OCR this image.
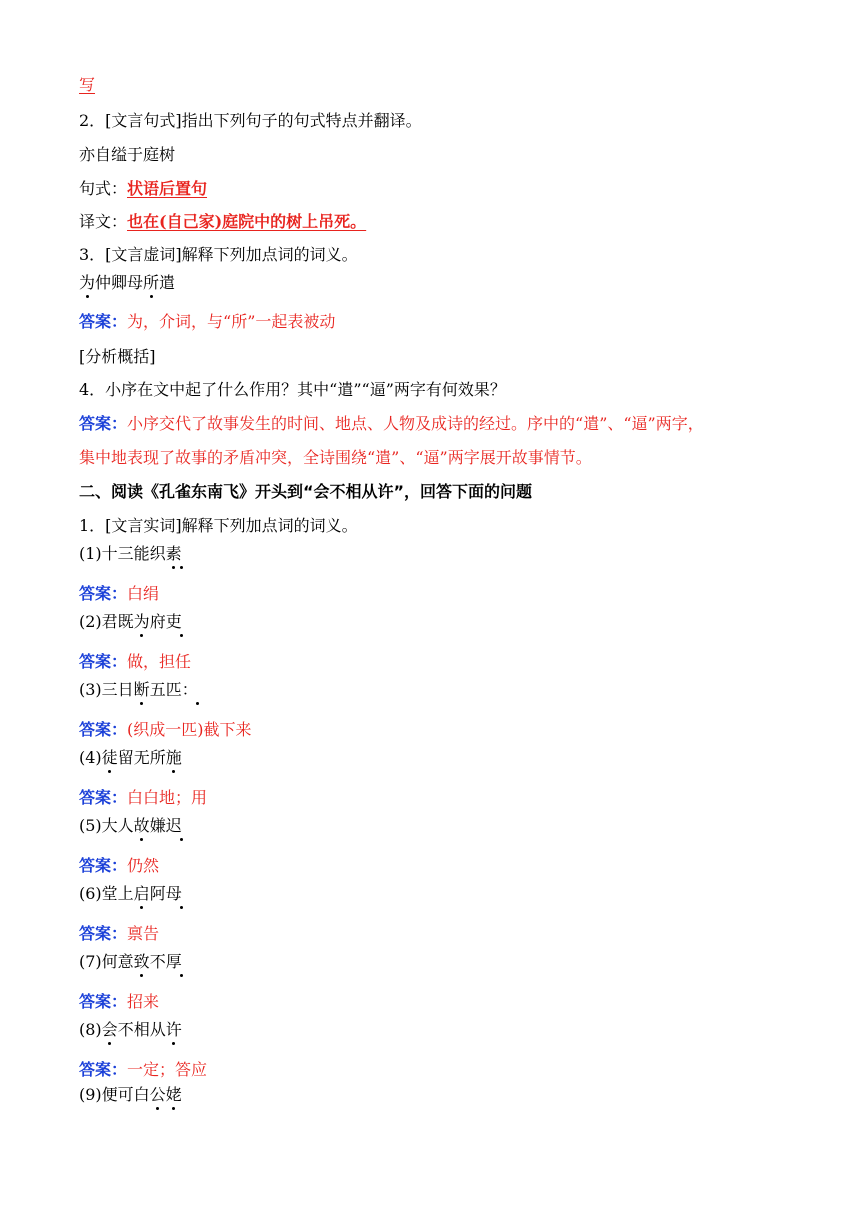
写
2．[文言句式]指出下列句子的句式特点并翻译。
亦自缢于庭树
句式：状语后置句
译文：也在(自己家)庭院中的树上吊死。
3．[文言虚词]解释下列加点词的词义。
为仲卿母所遣
答案：为，介词，与“所”一起表被动
[分析概括]
4．小序在文中起了什么作用？其中“遣”“逼”两字有何效果？
答案：小序交代了故事发生的时间、地点、人物及成诗的经过。序中的“遣”、“逼”两字，
集中地表现了故事的矛盾冲突，全诗围绕“遣”、“逼”两字展开故事情节。
二、阅读《孔雀东南飞》开头到“会不相从许”，回答下面的问题
1．[文言实词]解释下列加点词的词义。
(1)十三能织素
答案：白绢
(2)君既为府吏
答案：做，担任
(3)三日断五匹：
答案：(织成一匹)截下来
(4)徒留无所施
答案：白白地；用
(5)大人故嫌迟
答案：仍然
(6)堂上启阿母
答案：禀告
(7)何意致不厚
答案：招来
(8)会不相从许
答案：一定；答应
(9)便可白公姥
